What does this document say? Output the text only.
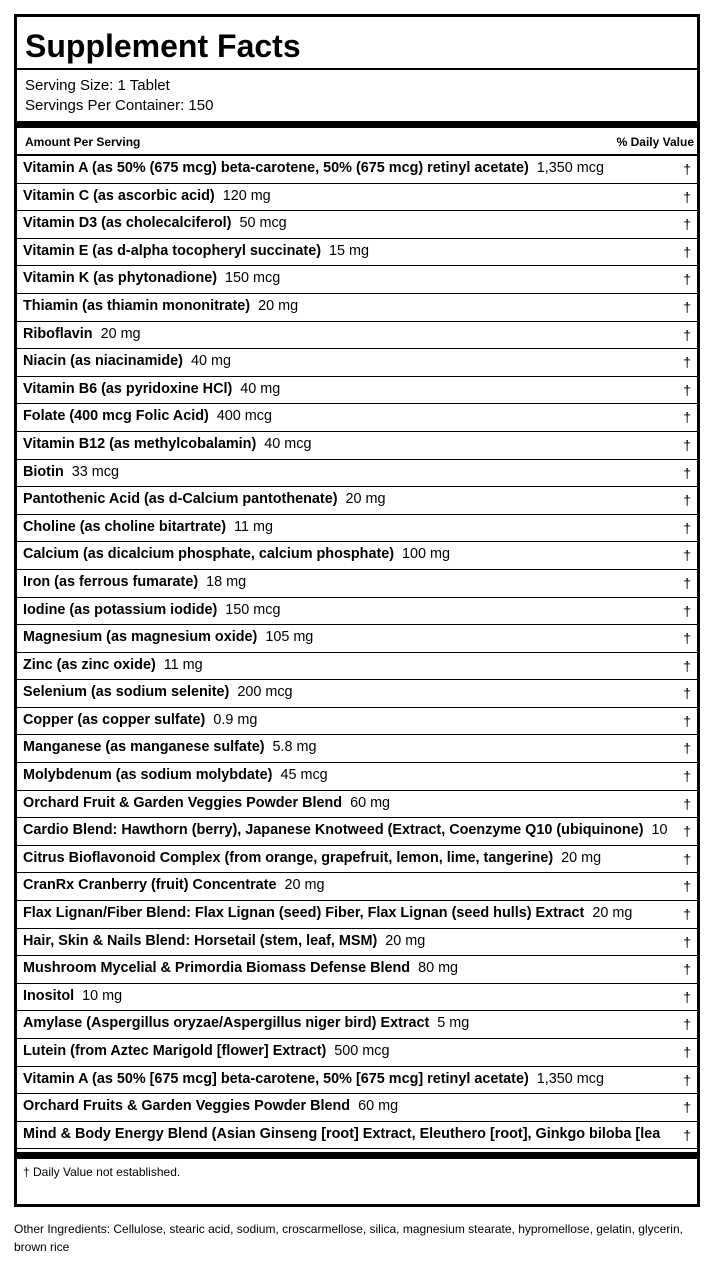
Supplement Facts
Serving Size: 1 Tablet
Servings Per Container: 150
Amount Per Serving	% Daily Value
Vitamin A (as 50% (675 mcg) beta-carotene, 50% (675 mcg) retinyl acetate) 1,350 mcg	†
Vitamin C (as ascorbic acid) 120 mg	†
Vitamin D3 (as cholecalciferol) 50 mcg	†
Vitamin E (as d-alpha tocopheryl succinate) 15 mg	†
Vitamin K (as phytonadione) 150 mcg	†
Thiamin (as thiamin mononitrate) 20 mg	†
Riboflavin 20 mg	†
Niacin (as niacinamide) 40 mg	†
Vitamin B6 (as pyridoxine HCl) 40 mg	†
Folate (400 mcg Folic Acid) 400 mcg	†
Vitamin B12 (as methylcobalamin) 40 mcg	†
Biotin 33 mcg	†
Pantothenic Acid (as d-Calcium pantothenate) 20 mg	†
Choline (as choline bitartrate) 11 mg	†
Calcium (as dicalcium phosphate, calcium phosphate) 100 mg	†
Iron (as ferrous fumarate) 18 mg	†
Iodine (as potassium iodide) 150 mcg	†
Magnesium (as magnesium oxide) 105 mg	†
Zinc (as zinc oxide) 11 mg	†
Selenium (as sodium selenite) 200 mcg	†
Copper (as copper sulfate) 0.9 mg	†
Manganese (as manganese sulfate) 5.8 mg	†
Molybdenum (as sodium molybdate) 45 mcg	†
Orchard Fruit & Garden Veggies Powder Blend 60 mg	†
Cardio Blend: Hawthorn (berry), Japanese Knotweed (Extract, Coenzyme Q10 (ubiquinone) 10 †
Citrus Bioflavonoid Complex (from orange, grapefruit, lemon, lime, tangerine) 20 mg	†
CranRx Cranberry (fruit) Concentrate 20 mg	†
Flax Lignan/Fiber Blend: Flax Lignan (seed) Fiber, Flax Lignan (seed hulls) Extract 20 mg	†
Hair, Skin & Nails Blend: Horsetail (stem, leaf, MSM) 20 mg	†
Mushroom Mycelial & Primordia Biomass Defense Blend 80 mg	†
Inositol 10 mg	†
Amylase (Aspergillus oryzae/Aspergillus niger bird) Extract 5 mg	†
Lutein (from Aztec Marigold [flower] Extract) 500 mcg	†
Vitamin A (as 50% [675 mcg] beta-carotene, 50% [675 mcg] retinyl acetate) 1,350 mcg	†
Orchard Fruits & Garden Veggies Powder Blend 60 mg	†
Mind & Body Energy Blend (Asian Ginseng [root] Extract, Eleuthero [root], Ginkgo biloba [lea	†
† Daily Value not established.
Other Ingredients: Cellulose, stearic acid, sodium, croscarmellose, silica, magnesium stearate, hypromellose, gelatin, glycerin, brown rice
